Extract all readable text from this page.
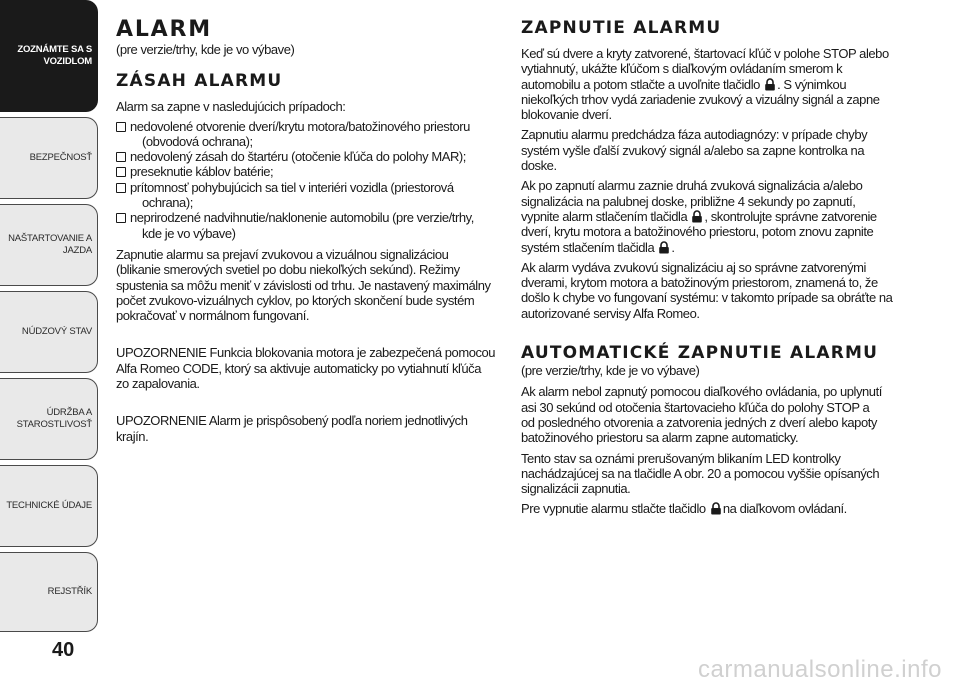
ZOZNÁMTE SA S
VOZIDLOM
BEZPEČNOSŤ
NAŠTARTOVANIE A
JAZDA
NÚDZOVÝ STAV
ÚDRŽBA A
STAROSTLIVOSŤ
TECHNICKÉ ÚDAJE
REJSTŘÍK
40
ALARM

(pre verzie/trhy, kde je vo výbave)

ZÁSAH ALARMU

Alarm sa zapne v nasledujúcich prípadoch:

nedovolené otvorenie dverí/krytu motora/batožinového priestoru
(obvodová ochrana);

nedovolený zásah do štartéru (otočenie kľúča do polohy MAR);

preseknutie káblov batérie;

prítomnosť pohybujúcich sa tiel v interiéri vozidla (priestorová
ochrana);

neprirodzené nadvihnutie/naklonenie automobilu (pre verzie/trhy,
kde je vo výbave)

Zapnutie alarmu sa prejaví zvukovou a vizuálnou signalizáciou
(blikanie smerových svetiel po dobu niekoľkých sekúnd). Režimy
spustenia sa môžu meniť v závislosti od trhu. Je nastavený maximálny
počet zvukovo-vizuálnych cyklov, po ktorých skončení bude systém
pokračovať v normálnom fungovaní.

UPOZORNENIE Funkcia blokovania motora je zabezpečená pomocou
Alfa Romeo CODE, ktorý sa aktivuje automaticky po vytiahnutí kľúča
zo zapalovania.

UPOZORNENIE Alarm je prispôsobený podľa noriem jednotlivých
krajín.

ZAPNUTIE ALARMU

Keď sú dvere a kryty zatvorené, štartovací kľúč v polohe STOP alebo
vytiahnutý, ukážte kľúčom s diaľkovým ovládaním smerom k
automobilu a potom stlačte a uvoľnite tlačidlo . S výnimkou
niekoľkých trhov vydá zariadenie zvukový a vizuálny signál a zapne
blokovanie dverí.

Zapnutiu alarmu predchádza fáza autodiagnózy: v prípade chyby
systém vyšle ďalší zvukový signál a/alebo sa zapne kontrolka na
doske.

Ak po zapnutí alarmu zaznie druhá zvuková signalizácia a/alebo
signalizácia na palubnej doske, približne 4 sekundy po zapnutí,
vypnite alarm stlačením tlačidla , skontrolujte správne zatvorenie
dverí, krytu motora a batožinového priestoru, potom znovu zapnite
systém stlačením tlačidla .

Ak alarm vydáva zvukovú signalizáciu aj so správne zatvorenými
dverami, krytom motora a batožinovým priestorom, znamená to, že
došlo k chybe vo fungovaní systému: v takomto prípade sa obráťte na
autorizované servisy Alfa Romeo.

AUTOMATICKÉ ZAPNUTIE ALARMU

(pre verzie/trhy, kde je vo výbave)

Ak alarm nebol zapnutý pomocou diaľkového ovládania, po uplynutí
asi 30 sekúnd od otočenia štartovacieho kľúča do polohy STOP a
od posledného otvorenia a zatvorenia jedných z dverí alebo kapoty
batožinového priestoru sa alarm zapne automaticky.

Tento stav sa oznámi prerušovaným blikaním LED kontrolky
nachádzajúcej sa na tlačidle A obr. 20 a pomocou vyššie opísaných
signalizácii zapnutia.

Pre vypnutie alarmu stlačte tlačidlo na diaľkovom ovládaní.

carmanualsonline.info
